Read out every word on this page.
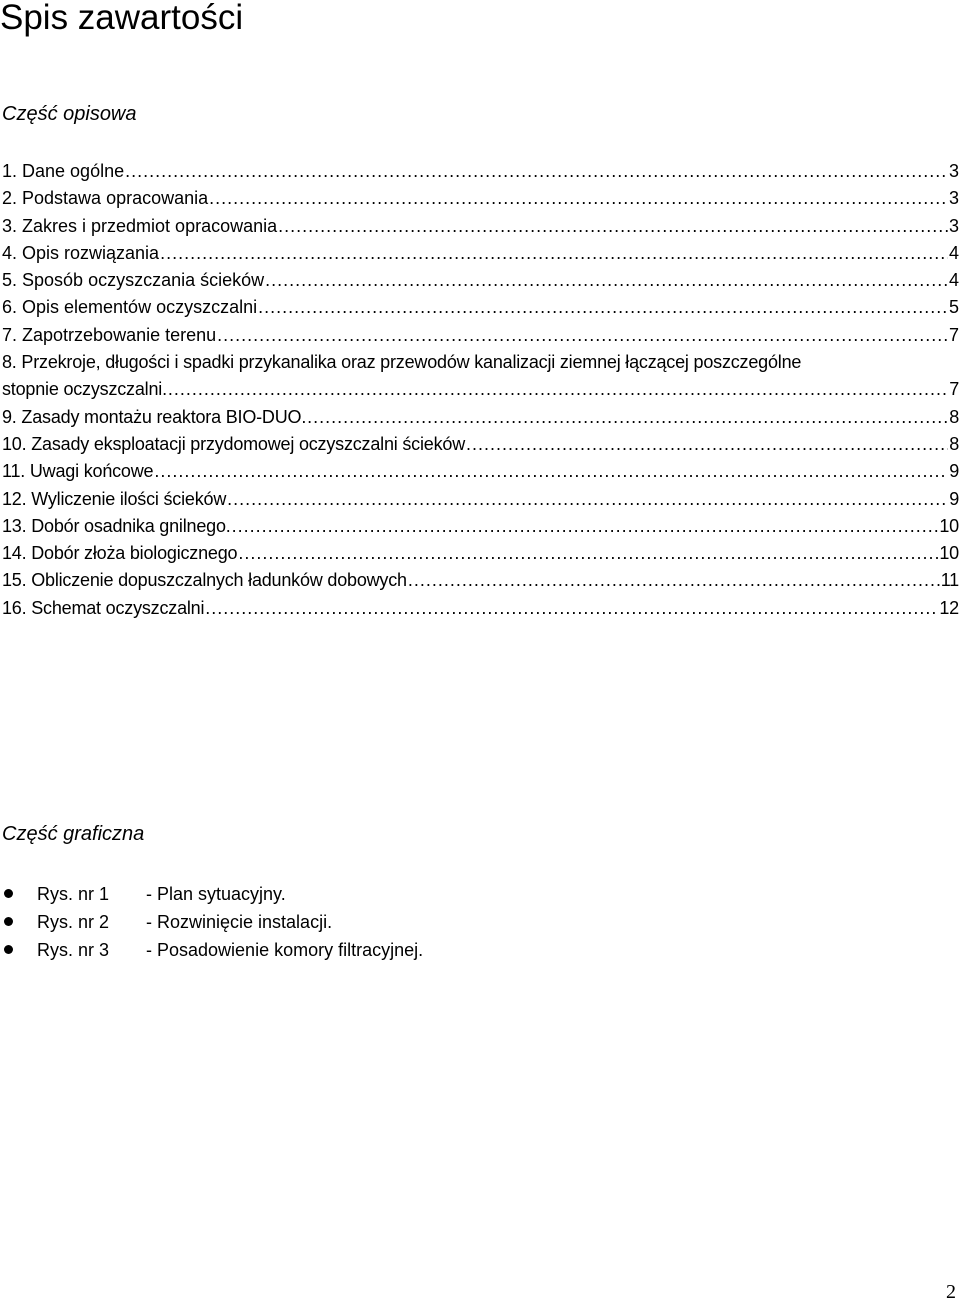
Spis zawartości
Część opisowa
1. Dane ogólne .....	3
2. Podstawa opracowania .....	3
3. Zakres i przedmiot opracowania .....	3
4. Opis rozwiązania .....	4
5. Sposób oczyszczania ścieków .....	4
6. Opis elementów oczyszczalni .....	5
7. Zapotrzebowanie terenu .....	7
8. Przekroje, długości i spadki przykanalika oraz przewodów kanalizacji ziemnej łączącej poszczególne
stopnie oczyszczalni. .....	7
9. Zasady montażu reaktora BIO-DUO. .....	8
10. Zasady eksploatacji przydomowej oczyszczalni ścieków .....	8
11. Uwagi końcowe .....	9
12. Wyliczenie ilości ścieków .....	9
13. Dobór osadnika gnilnego. .....	10
14. Dobór złoża biologicznego .....	10
15. Obliczenie dopuszczalnych ładunków dobowych .....	11
16. Schemat oczyszczalni .....	12
Część graficzna
Rys. nr 1	- Plan sytuacyjny.
Rys. nr 2	- Rozwinięcie instalacji.
Rys. nr 3	- Posadowienie komory filtracyjnej.

2
